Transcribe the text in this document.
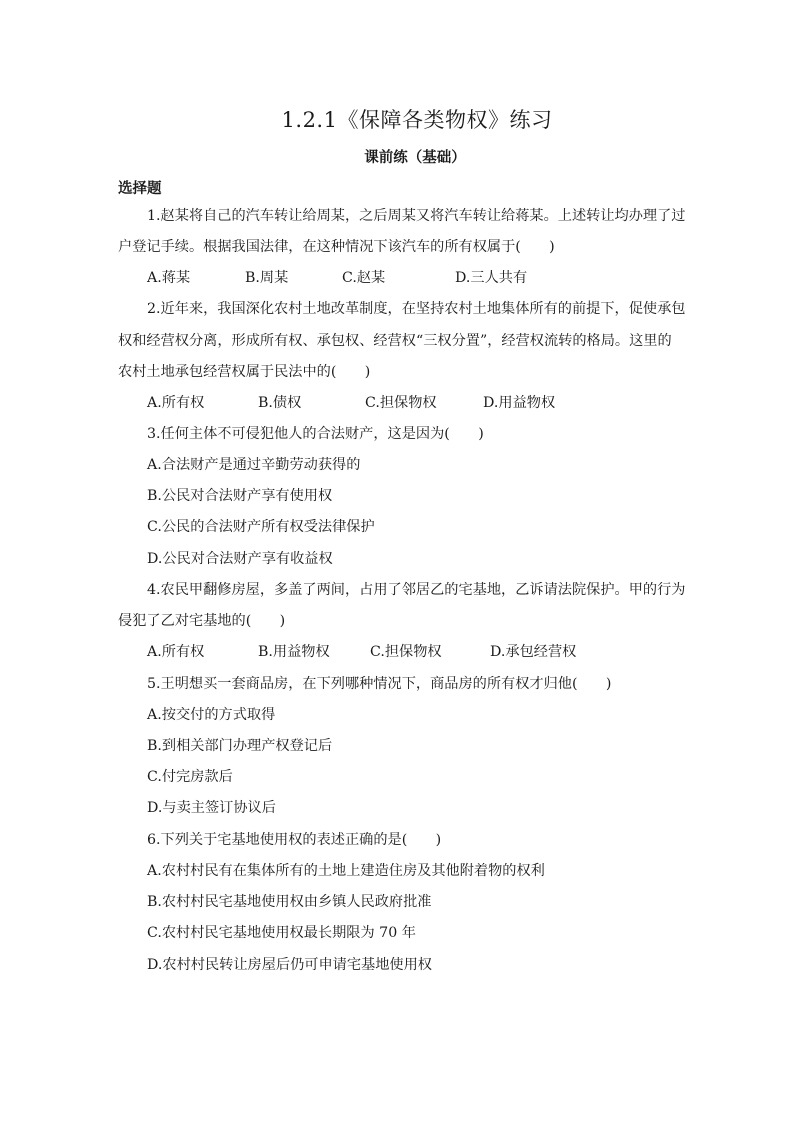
1.2.1《保障各类物权》练习
课前练（基础）
选择题
1.赵某将自己的汽车转让给周某，之后周某又将汽车转让给蒋某。上述转让均办理了过
户登记手续。根据我国法律，在这种情况下该汽车的所有权属于(　　)
A.蒋某	B.周某	C.赵某	D.三人共有
2.近年来，我国深化农村土地改革制度，在坚持农村土地集体所有的前提下，促使承包
权和经营权分离，形成所有权、承包权、经营权“三权分置”，经营权流转的格局。这里的
农村土地承包经营权属于民法中的(　　)
A.所有权	B.债权	C.担保物权	D.用益物权
3.任何主体不可侵犯他人的合法财产，这是因为(　　)
A.合法财产是通过辛勤劳动获得的
B.公民对合法财产享有使用权
C.公民的合法财产所有权受法律保护
D.公民对合法财产享有收益权
4.农民甲翻修房屋，多盖了两间，占用了邻居乙的宅基地，乙诉请法院保护。甲的行为
侵犯了乙对宅基地的(　　)
A.所有权	B.用益物权	C.担保物权	D.承包经营权
5.王明想买一套商品房，在下列哪种情况下，商品房的所有权才归他(　　)
A.按交付的方式取得
B.到相关部门办理产权登记后
C.付完房款后
D.与卖主签订协议后
6.下列关于宅基地使用权的表述正确的是(　　)
A.农村村民有在集体所有的土地上建造住房及其他附着物的权利
B.农村村民宅基地使用权由乡镇人民政府批准
C.农村村民宅基地使用权最长期限为 70 年
D.农村村民转让房屋后仍可申请宅基地使用权
